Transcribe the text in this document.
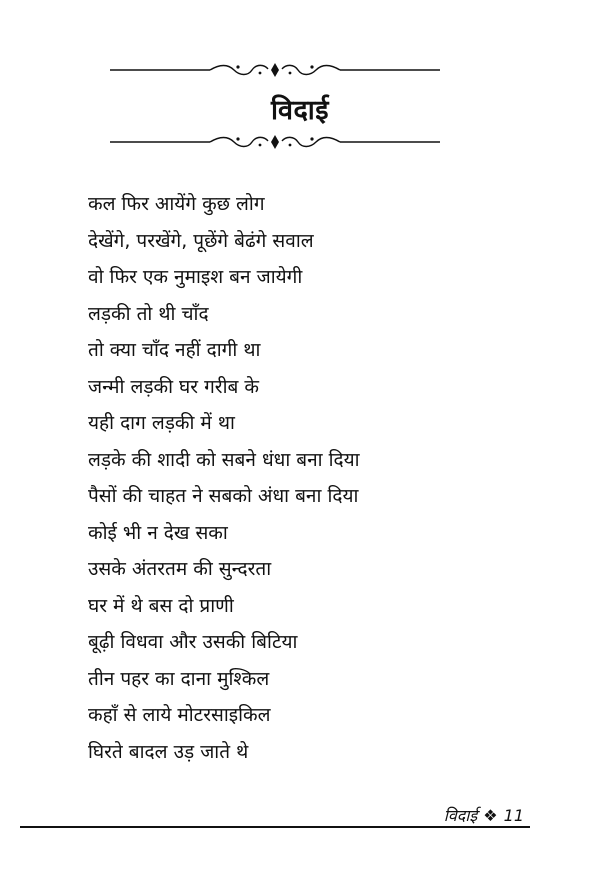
विदाई
कल फिर आयेंगे कुछ लोग
देखेंगे, परखेंगे, पूछेंगे बेढंगे सवाल
वो फिर एक नुमाइश बन जायेगी
लड़की तो थी चाँद
तो क्या चाँद नहीं दागी था
जन्मी लड़की घर गरीब के
यही दाग लड़की में था
लड़के की शादी को सबने धंधा बना दिया
पैसों की चाहत ने सबको अंधा बना दिया
कोई भी न देख सका
उसके अंतरतम की सुन्दरता
घर में थे बस दो प्राणी
बूढ़ी विधवा और उसकी बिटिया
तीन पहर का दाना मुश्किल
कहाँ से लाये मोटरसाइकिल
घिरते बादल उड़ जाते थे
विदाई ❖ 11
